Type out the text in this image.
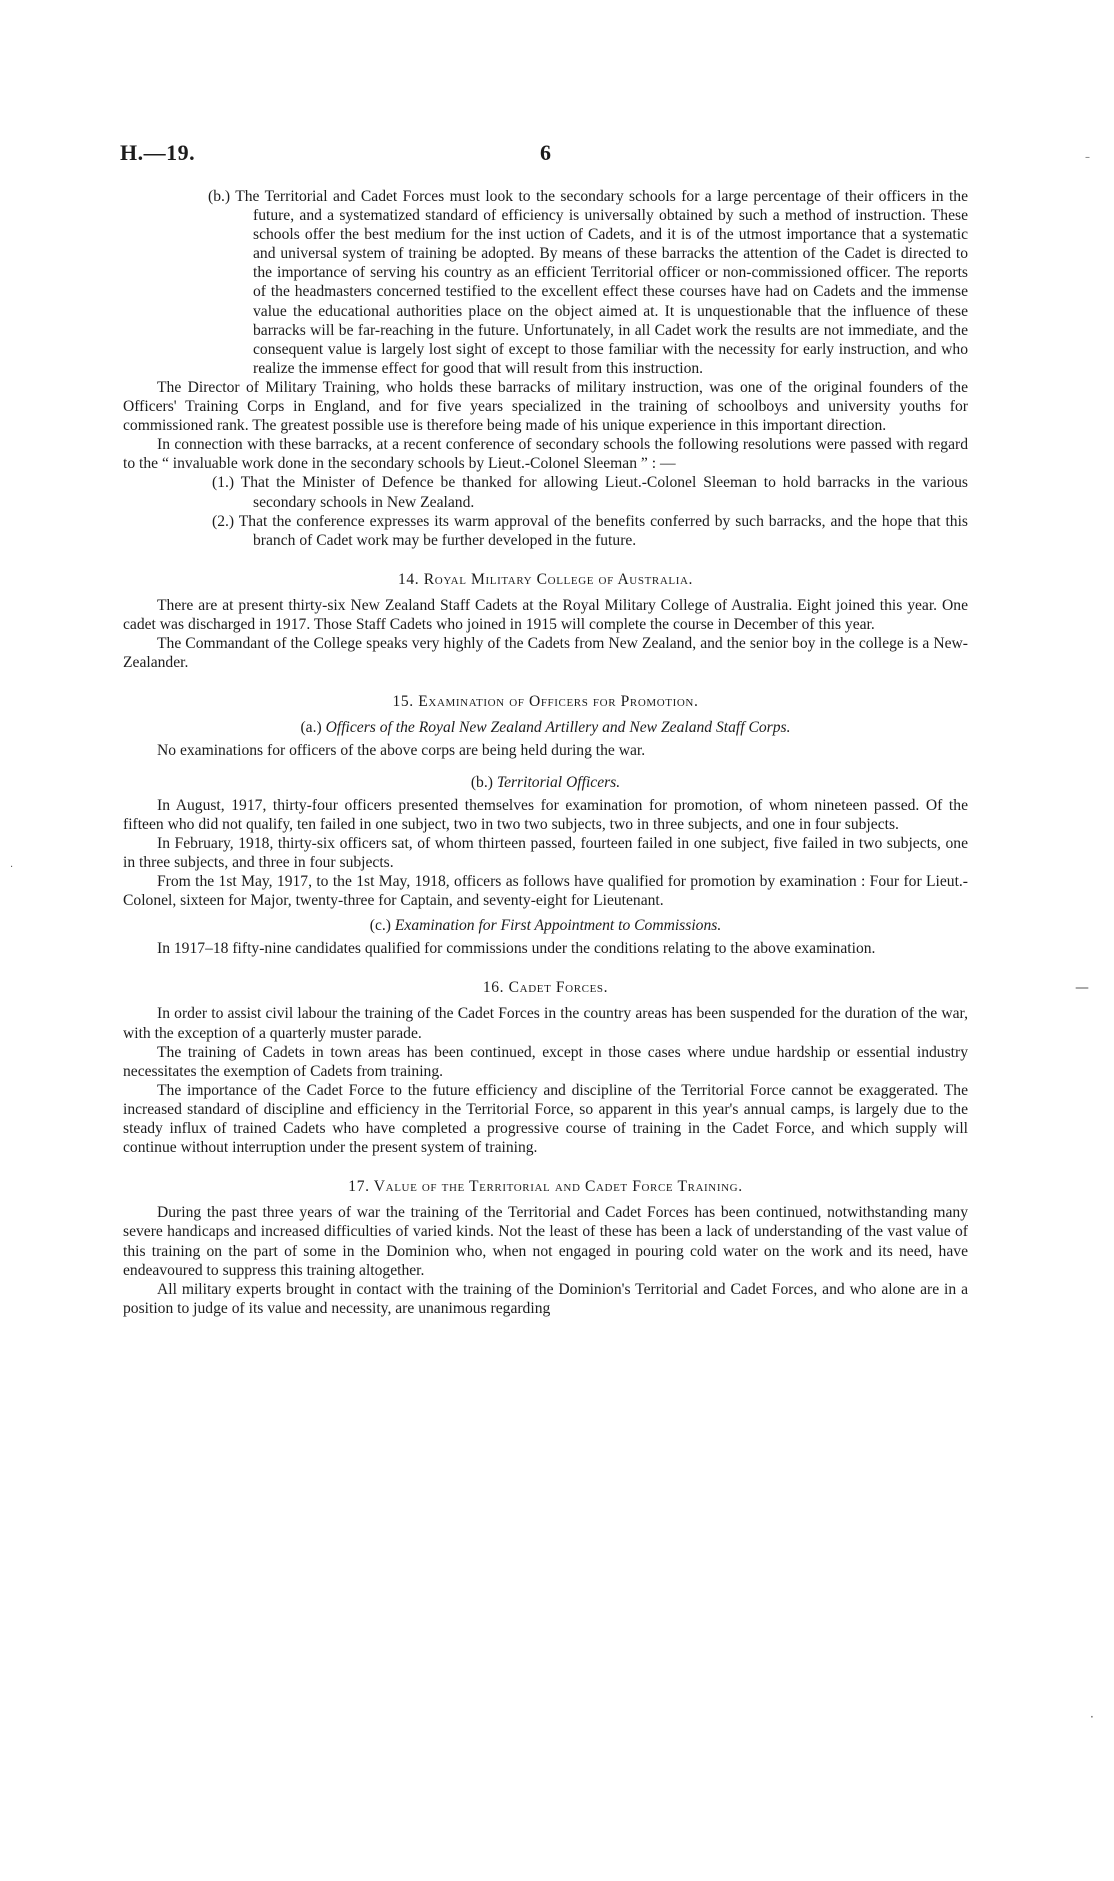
H.—19.	6

(b.) The Territorial and Cadet Forces must look to the secondary schools for a large percentage of their officers in the future, and a systematized standard of efficiency is universally obtained by such a method of instruction. These schools offer the best medium for the inst uction of Cadets, and it is of the utmost importance that a systematic and universal system of training be adopted. By means of these barracks the attention of the Cadet is directed to the importance of serving his country as an efficient Territorial officer or non-commissioned officer. The reports of the headmasters concerned testified to the excellent effect these courses have had on Cadets and the immense value the educational authorities place on the object aimed at. It is unquestionable that the influence of these barracks will be far-reaching in the future. Unfortunately, in all Cadet work the results are not immediate, and the consequent value is largely lost sight of except to those familiar with the necessity for early instruction, and who realize the immense effect for good that will result from this instruction.

The Director of Military Training, who holds these barracks of military instruction, was one of the original founders of the Officers' Training Corps in England, and for five years specialized in the training of schoolboys and university youths for commissioned rank. The greatest possible use is therefore being made of his unique experience in this important direction.

In connection with these barracks, at a recent conference of secondary schools the following resolutions were passed with regard to the “ invaluable work done in the secondary schools by Lieut.-Colonel Sleeman ” : —

(1.) That the Minister of Defence be thanked for allowing Lieut.-Colonel Sleeman to hold barracks in the various secondary schools in New Zealand.

(2.) That the conference expresses its warm approval of the benefits conferred by such barracks, and the hope that this branch of Cadet work may be further developed in the future.

14. Royal Military College of Australia.

There are at present thirty-six New Zealand Staff Cadets at the Royal Military College of Australia. Eight joined this year. One cadet was discharged in 1917. Those Staff Cadets who joined in 1915 will complete the course in December of this year.

The Commandant of the College speaks very highly of the Cadets from New Zealand, and the senior boy in the college is a New-Zealander.

15. Examination of Officers for Promotion.

(a.) Officers of the Royal New Zealand Artillery and New Zealand Staff Corps.

No examinations for officers of the above corps are being held during the war.

(b.) Territorial Officers.

In August, 1917, thirty-four officers presented themselves for examination for promotion, of whom nineteen passed. Of the fifteen who did not qualify, ten failed in one subject, two in two two subjects, two in three subjects, and one in four subjects.

In February, 1918, thirty-six officers sat, of whom thirteen passed, fourteen failed in one subject, five failed in two subjects, one in three subjects, and three in four subjects.

From the 1st May, 1917, to the 1st May, 1918, officers as follows have qualified for promotion by examination : Four for Lieut.-Colonel, sixteen for Major, twenty-three for Captain, and seventy-eight for Lieutenant.

(c.) Examination for First Appointment to Commissions.

In 1917–18 fifty-nine candidates qualified for commissions under the conditions relating to the above examination.

16. Cadet Forces.

In order to assist civil labour the training of the Cadet Forces in the country areas has been suspended for the duration of the war, with the exception of a quarterly muster parade.

The training of Cadets in town areas has been continued, except in those cases where undue hardship or essential industry necessitates the exemption of Cadets from training.

The importance of the Cadet Force to the future efficiency and discipline of the Territorial Force cannot be exaggerated. The increased standard of discipline and efficiency in the Territorial Force, so apparent in this year's annual camps, is largely due to the steady influx of trained Cadets who have completed a progressive course of training in the Cadet Force, and which supply will continue without interruption under the present system of training.

17. Value of the Territorial and Cadet Force Training.

During the past three years of war the training of the Territorial and Cadet Forces has been continued, notwithstanding many severe handicaps and increased difficulties of varied kinds. Not the least of these has been a lack of understanding of the vast value of this training on the part of some in the Dominion who, when not engaged in pouring cold water on the work and its need, have endeavoured to suppress this training altogether.

All military experts brought in contact with the training of the Dominion's Territorial and Cadet Forces, and who alone are in a position to judge of its value and necessity, are unanimous regarding

–
—
·
·
